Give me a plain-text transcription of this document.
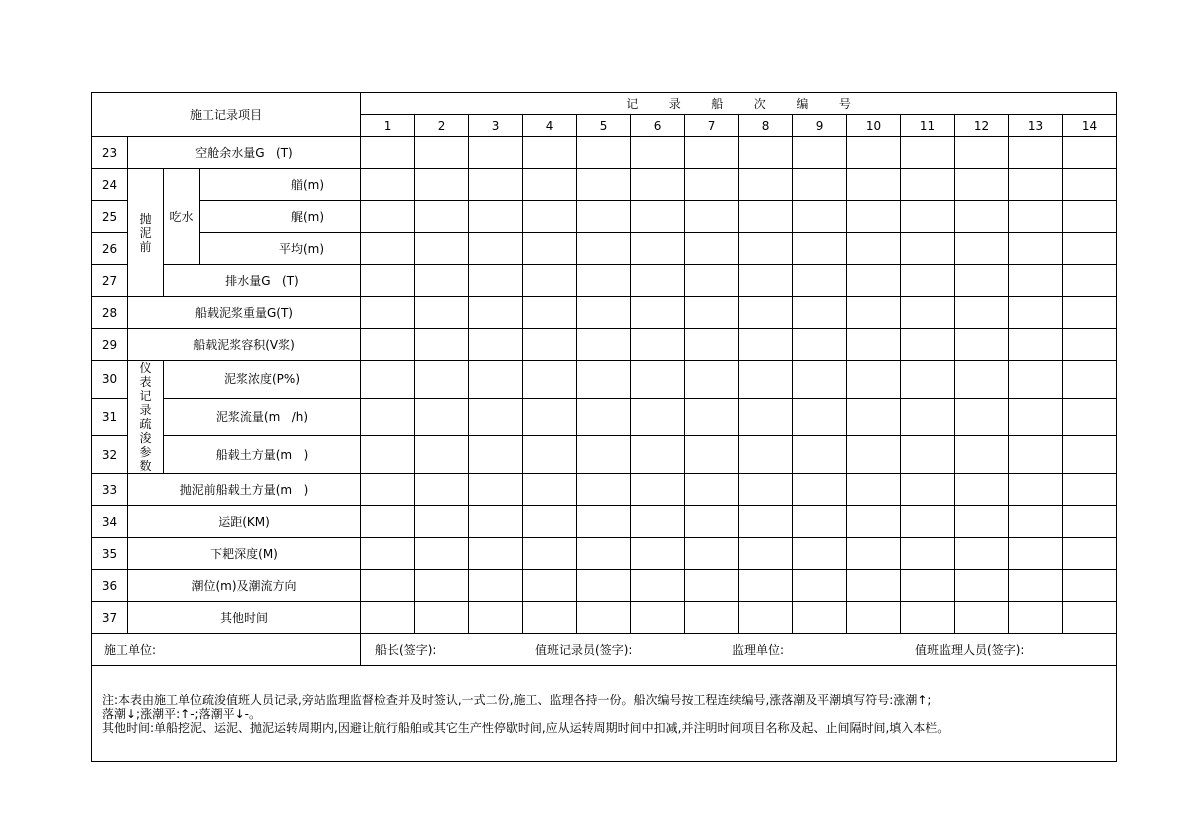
施工记录项目				记        录        船        次        编        号													
				1	2	3	4	5	6	7	8	9	10	11	12	13	14
23	空舱余水量G   (T)																
24	抛泥前	吃水	艏(m)														
25			艉(m)														
26			平均(m)														
27		排水量G   (T)															
28	船载泥浆重量G(T)																
29	船载泥浆容积(V浆)																
30	仪表记录疏浚参数	泥浆浓度(P%)															
31		泥浆流量(m   /h)															
32		船载土方量(m   )															
33	抛泥前船载土方量(m   )																
34	运距(KM)																
35	下耙深度(M)																
36	潮位(m)及潮流方向																
37	其他时间																
施工单位:				船长(签字): 值班记录员(签字): 监理单位: 值班监理人员(签字):													

注:本表由施工单位疏浚值班人员记录,旁站监理监督检查并及时签认,一式二份,施工、监理各持一份。船次编号按工程连续编号,涨落潮及平潮填写符号:涨潮↑;
落潮↓;涨潮平:↑-;落潮平↓-。
其他时间:单船挖泥、运泥、抛泥运转周期内,因避让航行船舶或其它生产性停歇时间,应从运转周期时间中扣减,并注明时间项目名称及起、止间隔时间,填入本栏。																	
